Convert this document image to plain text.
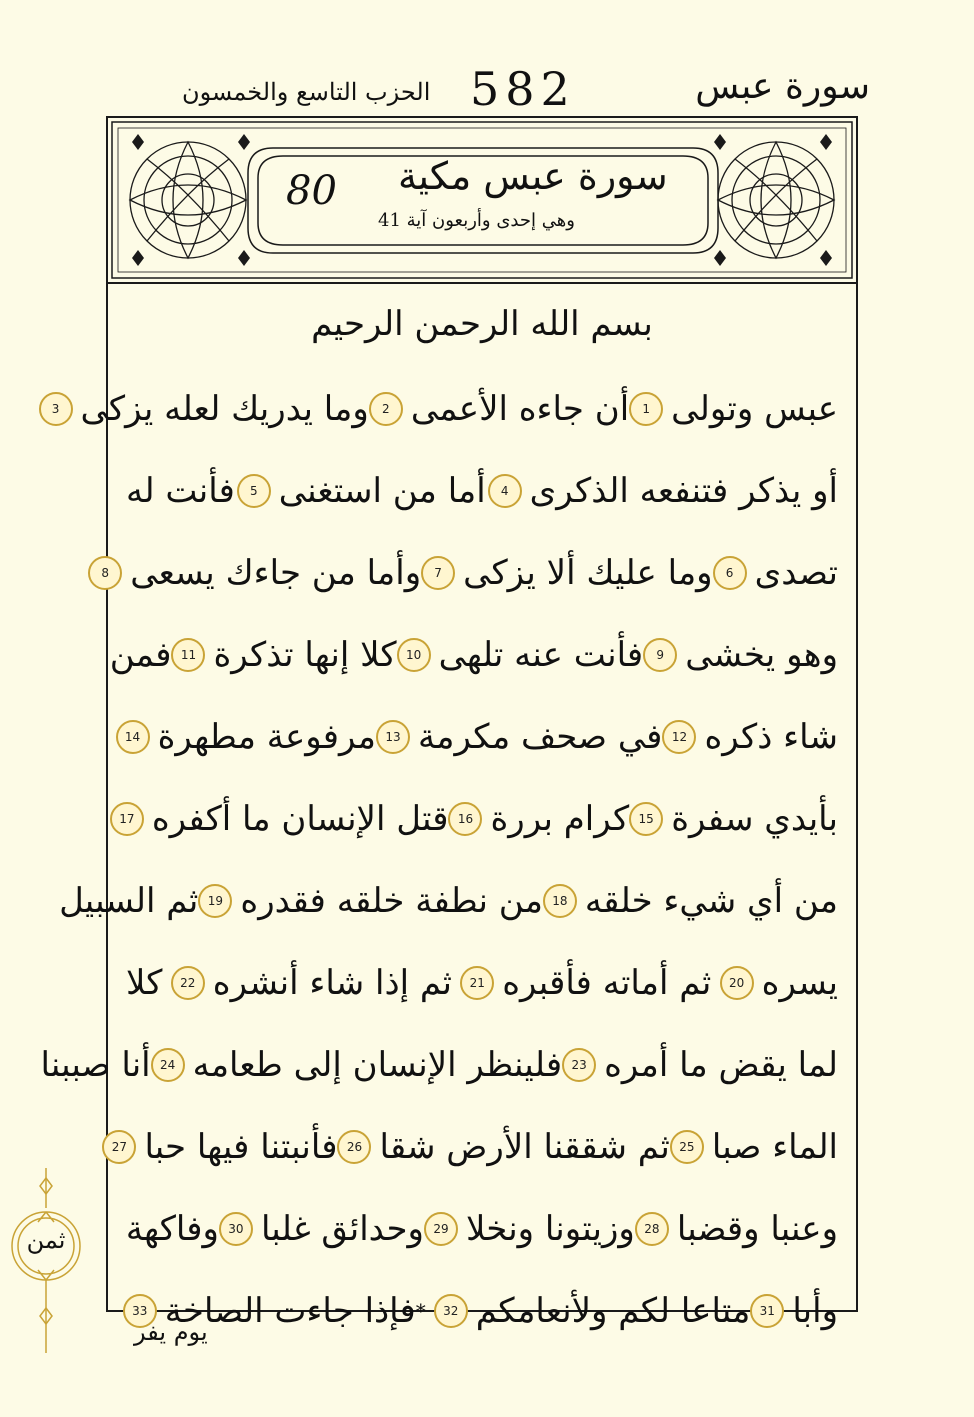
الحزب التاسع والخمسون 582	سورة عبس
80 سورة عبس مكية
وهي إحدى وأربعون آية 41
بسم الله الرحمن الرحيم
عبس وتولى
1
أن جاءه الأعمى
2
وما يدريك لعله يزكى
3
أو يذكر فتنفعه الذكرى
4
أما من استغنى
5
فأنت له
تصدى
6
وما عليك ألا يزكى
7
وأما من جاءك يسعى
8
وهو يخشى
9
فأنت عنه تلهى
10
كلا إنها تذكرة
11
فمن
شاء ذكره
12
في صحف مكرمة
13
مرفوعة مطهرة
14
بأيدي سفرة
15
كرام بررة
16
قتل الإنسان ما أكفره
17
من أي شيء خلقه
18
من نطفة خلقه فقدره
19
ثم السبيل
يسره
20
ثم أماته فأقبره
21
ثم إذا شاء أنشره
22
كلا
لما يقض ما أمره
23
فلينظر الإنسان إلى طعامه
24
أنا صببنا
الماء صبا
25
ثم شققنا الأرض شقا
26
فأنبتنا فيها حبا
27
وعنبا وقضبا
28
وزيتونا ونخلا
29
وحدائق غلبا
30
وفاكهة
وأبا
31
متاعا لكم ولأنعامكم
32
*
فإذا جاءت الصاخة
33
يوم يفر
ثمن
